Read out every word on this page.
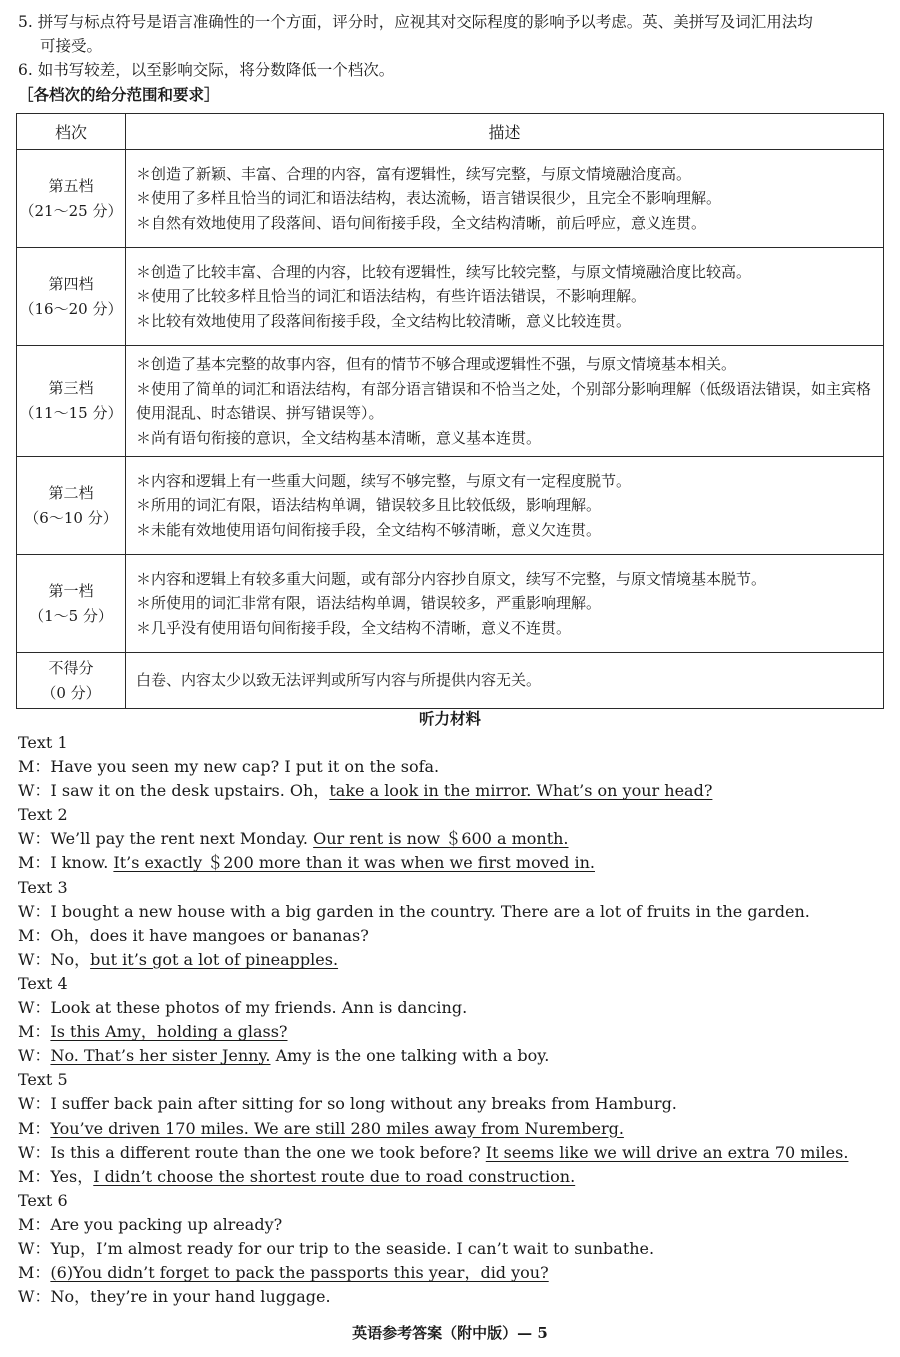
5. 拼写与标点符号是语言准确性的一个方面，评分时，应视其对交际程度的影响予以考虑。英、美拼写及词汇用法均

可接受。

6. 如书写较差，以至影响交际，将分数降低一个档次。

［各档次的给分范围和要求］

档次	描述

第五档
（21～25 分）	＊创造了新颖、丰富、合理的内容，富有逻辑性，续写完整，与原文情境融洽度高。
＊使用了多样且恰当的词汇和语法结构，表达流畅，语言错误很少，且完全不影响理解。
＊自然有效地使用了段落间、语句间衔接手段，全文结构清晰，前后呼应，意义连贯。

第四档
（16～20 分）	＊创造了比较丰富、合理的内容，比较有逻辑性，续写比较完整，与原文情境融洽度比较高。
＊使用了比较多样且恰当的词汇和语法结构，有些许语法错误，不影响理解。
＊比较有效地使用了段落间衔接手段，全文结构比较清晰，意义比较连贯。

第三档
（11～15 分）	＊创造了基本完整的故事内容，但有的情节不够合理或逻辑性不强，与原文情境基本相关。
＊使用了简单的词汇和语法结构，有部分语言错误和不恰当之处，个别部分影响理解（低级语法错误，如主宾格使用混乱、时态错误、拼写错误等）。
＊尚有语句衔接的意识，全文结构基本清晰，意义基本连贯。

第二档
（6～10 分）	＊内容和逻辑上有一些重大问题，续写不够完整，与原文有一定程度脱节。
＊所用的词汇有限，语法结构单调，错误较多且比较低级，影响理解。
＊未能有效地使用语句间衔接手段，全文结构不够清晰，意义欠连贯。

第一档
（1～5 分）	＊内容和逻辑上有较多重大问题，或有部分内容抄自原文，续写不完整，与原文情境基本脱节。
＊所使用的词汇非常有限，语法结构单调，错误较多，严重影响理解。
＊几乎没有使用语句间衔接手段，全文结构不清晰，意义不连贯。

不得分
（0 分）	白卷、内容太少以致无法评判或所写内容与所提供内容无关。
听力材料

Text 1

M：Have you seen my new cap? I put it on the sofa.

W：I saw it on the desk upstairs. Oh，take a look in the mirror. What’s on your head?

Text 2

W：We’ll pay the rent next Monday. Our rent is now ＄600 a month.

M：I know. It’s exactly ＄200 more than it was when we first moved in.

Text 3

W：I bought a new house with a big garden in the country. There are a lot of fruits in the garden.

M：Oh，does it have mangoes or bananas?

W：No，but it’s got a lot of pineapples.

Text 4

W：Look at these photos of my friends. Ann is dancing.

M：Is this Amy，holding a glass?

W：No. That’s her sister Jenny. Amy is the one talking with a boy.

Text 5

W：I suffer back pain after sitting for so long without any breaks from Hamburg.

M：You’ve driven 170 miles. We are still 280 miles away from Nuremberg.

W：Is this a different route than the one we took before? It seems like we will drive an extra 70 miles.

M：Yes，I didn’t choose the shortest route due to road construction.

Text 6

M：Are you packing up already?

W：Yup，I’m almost ready for our trip to the seaside. I can’t wait to sunbathe.

M：(6)You didn’t forget to pack the passports this year，did you?

W：No，they’re in your hand luggage.

英语参考答案（附中版）— 5
